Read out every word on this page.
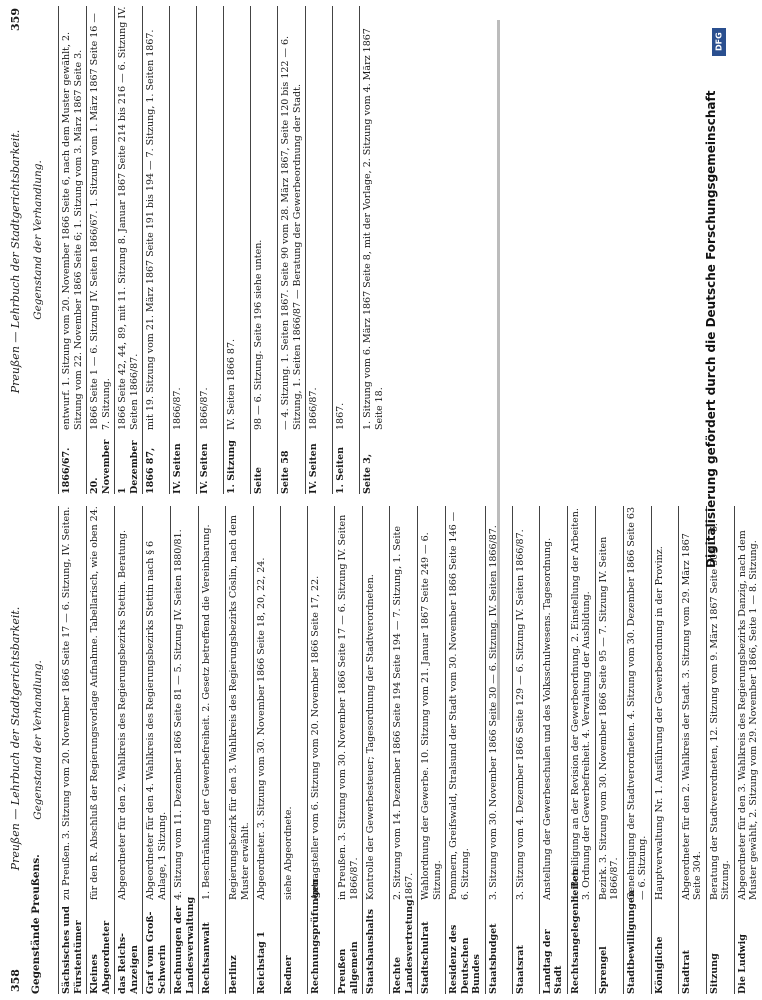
358
Preußen — Lehrbuch der Stadtgerichtsbarkeit.
Gegenstände Preußens.
Gegenstand der Verhandlung.
Sächsisches und Fürstentümer
zu Preußen. 3. Sitzung vom 20. November 1866 Seite 17 — 6. Sitzung, IV. Seiten.
Kleines Abgeordneter
für den R. Abschluß der Regierungsvorlage Aufnahme. Tabellarisch, wie oben 24.
das Reichs-Anzeigen
Abgeordneter für den 2. Wahlkreis des Regierungsbezirks Stettin. Beratung.
Graf vom Groß-Schwerin
Abgeordneter für den 4. Wahlkreis des Regierungsbezirks Stettin nach § 6 Anlage, 1 Sitzung.
Rechnungen der Landesverwaltung
4. Sitzung vom 11. Dezember 1866 Seite 81 — 5. Sitzung IV. Seiten 1880/81.
Rechtsanwalt
1. Beschränkung der Gewerbefreiheit. 2. Gesetz betreffend die Vereinbarung.
Berlinz
Regierungsbezirk für den 3. Wahlkreis des Regierungsbezirks Cöslin, nach dem Muster erwählt.
Reichstag 1
Abgeordneter. 3. Sitzung vom 30. November 1866 Seite 18, 20, 22, 24.
Redner
siehe Abgeordnete.
Rechnungsprüfungen
Antragsteller vom 6. Sitzung vom 20. November 1866 Seite 17, 22.
Preußen allgemein
in Preußen. 3. Sitzung vom 30. November 1866 Seite 17 — 6. Sitzung IV. Seiten 1866/87.
Staatshaushalts
Kontrolle der Gewerbesteuer; Tagesordnung der Stadtverordneten.
Rechte Landesvertretung
2. Sitzung vom 14. Dezember 1866 Seite 194 Seite 194 — 7. Sitzung, 1. Seite 1867.
Stadtschulrat
Wahlordnung der Gewerbe. 10. Sitzung vom 21. Januar 1867 Seite 249 — 6. Sitzung.
Residenz des Deutschen Bundes
Pommern, Greifswald, Stralsund der Stadt vom 30. November 1866 Seite 146 — 6. Sitzung.
Staatsbudget
3. Sitzung vom 30. November 1866 Seite 30 — 6. Sitzung. IV. Seiten 1866/87.
Staatsrat
3. Sitzung vom 4. Dezember 1866 Seite 129 — 6. Sitzung IV. Seiten 1866/87.
Landtag der Stadt
Anstellung der Gewerbeschulen und des Volksschulwesens. Tagesordnung.
Rechtsangelegenheiten
1. Beteiligung an der Revision der Gewerbeordnung. 2. Einstellung der Arbeiten. 3. Ordnung der Gewerbefreiheit. 4. Verwaltung der Ausbildung.
Sprengel
Bezirk. 3. Sitzung vom 30. November 1866 Seite 95 — 7. Sitzung IV. Seiten 1866/87.
Stadtbewilligungen
Genehmigung der Stadtverordneten. 4. Sitzung vom 30. Dezember 1866 Seite 63 — 6. Sitzung.
Königliche
Hauptverwaltung Nr. 1. Ausführung der Gewerbeordnung in der Provinz.
Stadtrat
Abgeordneter für den 2. Wahlkreis der Stadt. 3. Sitzung vom 29. März 1867 Seite 304.
Sitzung
Beratung der Stadtverordneten, 12. Sitzung vom 9. März 1867 Seite 304 — 6. Sitzung.
Die Ludwig
Abgeordneter für den 3. Wahlkreis des Regierungsbezirks Danzig, nach dem Muster gewählt, 2. Sitzung vom 29. November 1866, Seite 1 — 8. Sitzung.
Preußen — Lehrbuch der Stadtgerichtsbarkeit.
359
Gegenstand der Verhandlung.
1866/67.
entwurf. 1. Sitzung vom 20. November 1866 Seite 6, nach dem Muster gewählt, 2. Sitzung vom 22. November 1866 Seite 6; 1. Sitzung vom 3. März 1867 Seite 3.
20. November
1866 Seite 1 — 6. Sitzung IV. Seiten 1866/67. 1. Sitzung vom 1. März 1867 Seite 16 — 7. Sitzung.
1 Dezember
1866 Seite 42, 44, 89, mit 11. Sitzung 8. Januar 1867 Seite 214 bis 216 — 6. Sitzung IV. Seiten 1866/87.
1866 87,
mit 19. Sitzung vom 21. März 1867 Seite 191 bis 194 — 7. Sitzung, 1. Seiten 1867.
IV. Seiten
1866/87.
IV. Seiten
1866/87.
1. Sitzung
IV. Seiten 1866 87.
Seite
98 — 6. Sitzung. Seite 196 siehe unten.
Seite 58
— 4. Sitzung. 1. Seiten 1867. Seite 90 vom 28. März 1867, Seite 120 bis 122 — 6. Sitzung, 1. Seiten 1866/87 — Beratung der Gewerbeordnung der Stadt.
IV. Seiten
1866/87.
1. Seiten
1867.
Seite 3,
1. Sitzung vom 6. März 1867 Seite 8, mit der Vorlage, 2. Sitzung vom 4. März 1867 Seite 18.	Digitalisierung gefördert durch die Deutsche Forschungsgemeinschaft
DFG
